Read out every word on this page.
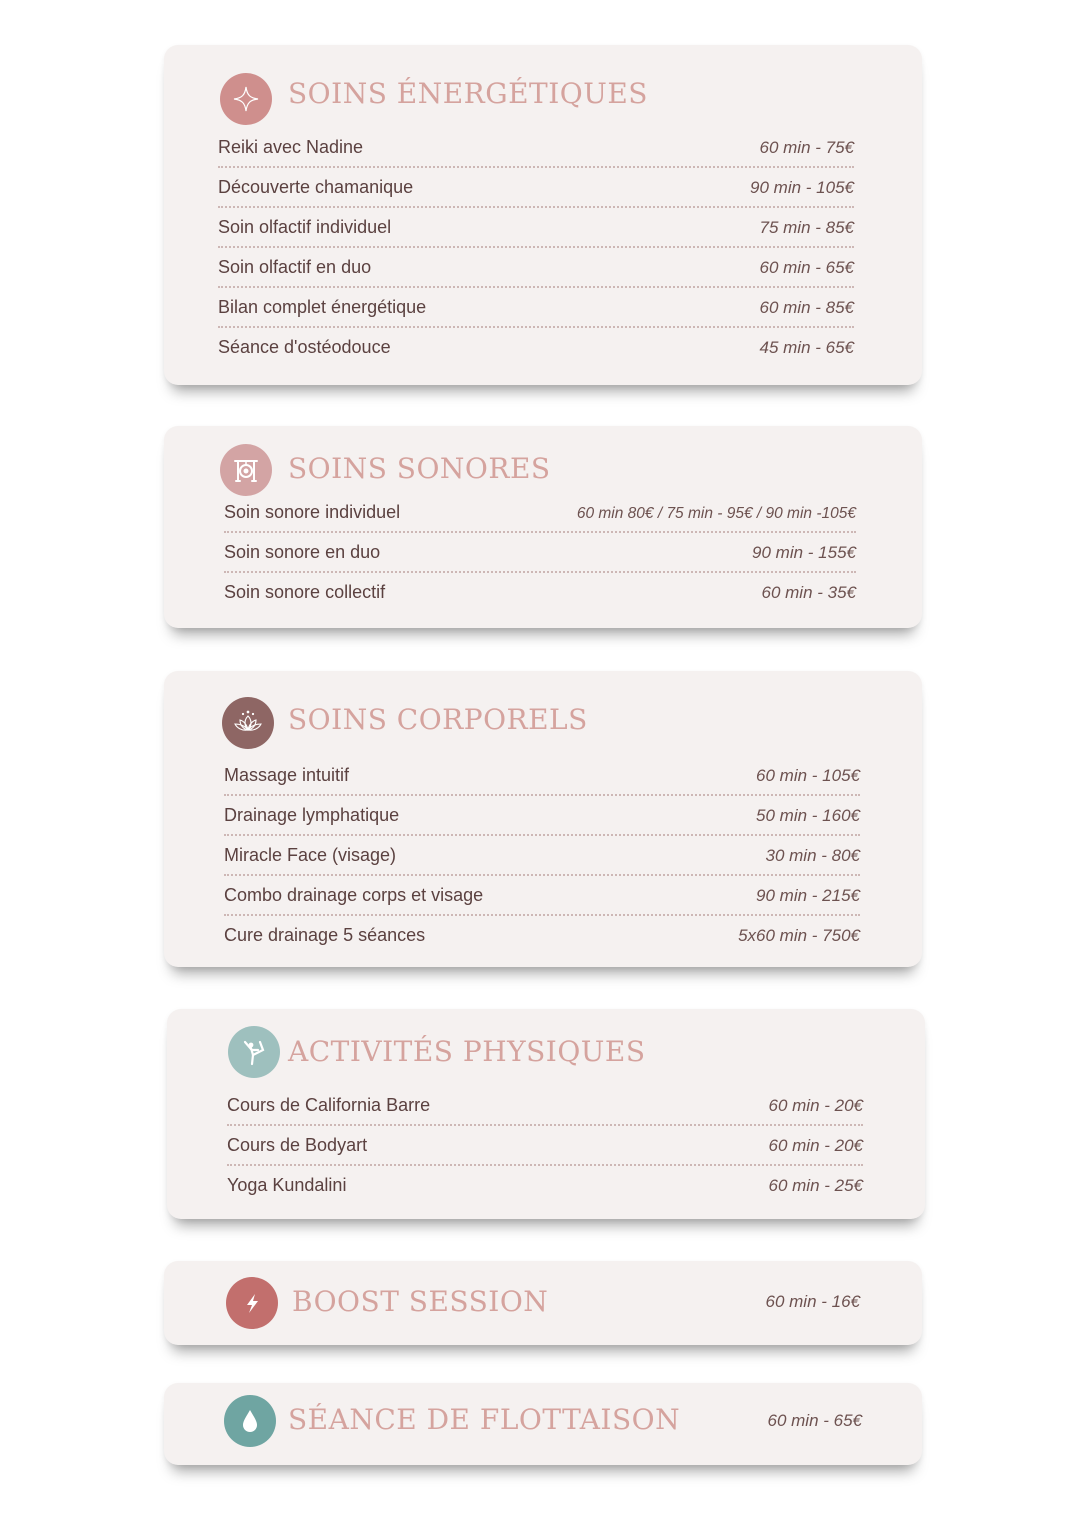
SOINS ÉNERGÉTIQUES
Reiki avec Nadine	60 min - 75€
Découverte chamanique	90 min - 105€
Soin olfactif individuel	75 min - 85€
Soin olfactif en duo	60 min - 65€
Bilan complet énergétique	60 min - 85€
Séance d'ostéodouce	45 min - 65€
SOINS SONORES
Soin sonore individuel	60 min 80€ / 75 min - 95€ / 90 min -105€
Soin sonore en duo	90 min - 155€
Soin sonore collectif	60 min - 35€
SOINS CORPORELS
Massage intuitif	60 min - 105€
Drainage lymphatique	50 min - 160€
Miracle Face (visage)	30 min - 80€
Combo drainage corps et visage	90 min - 215€
Cure drainage 5 séances	5x60 min - 750€
ACTIVITÉS PHYSIQUES
Cours de California Barre	60 min - 20€
Cours de Bodyart	60 min - 20€
Yoga Kundalini	60 min - 25€
BOOST SESSION	60 min - 16€
SÉANCE DE FLOTTAISON	60 min - 65€
